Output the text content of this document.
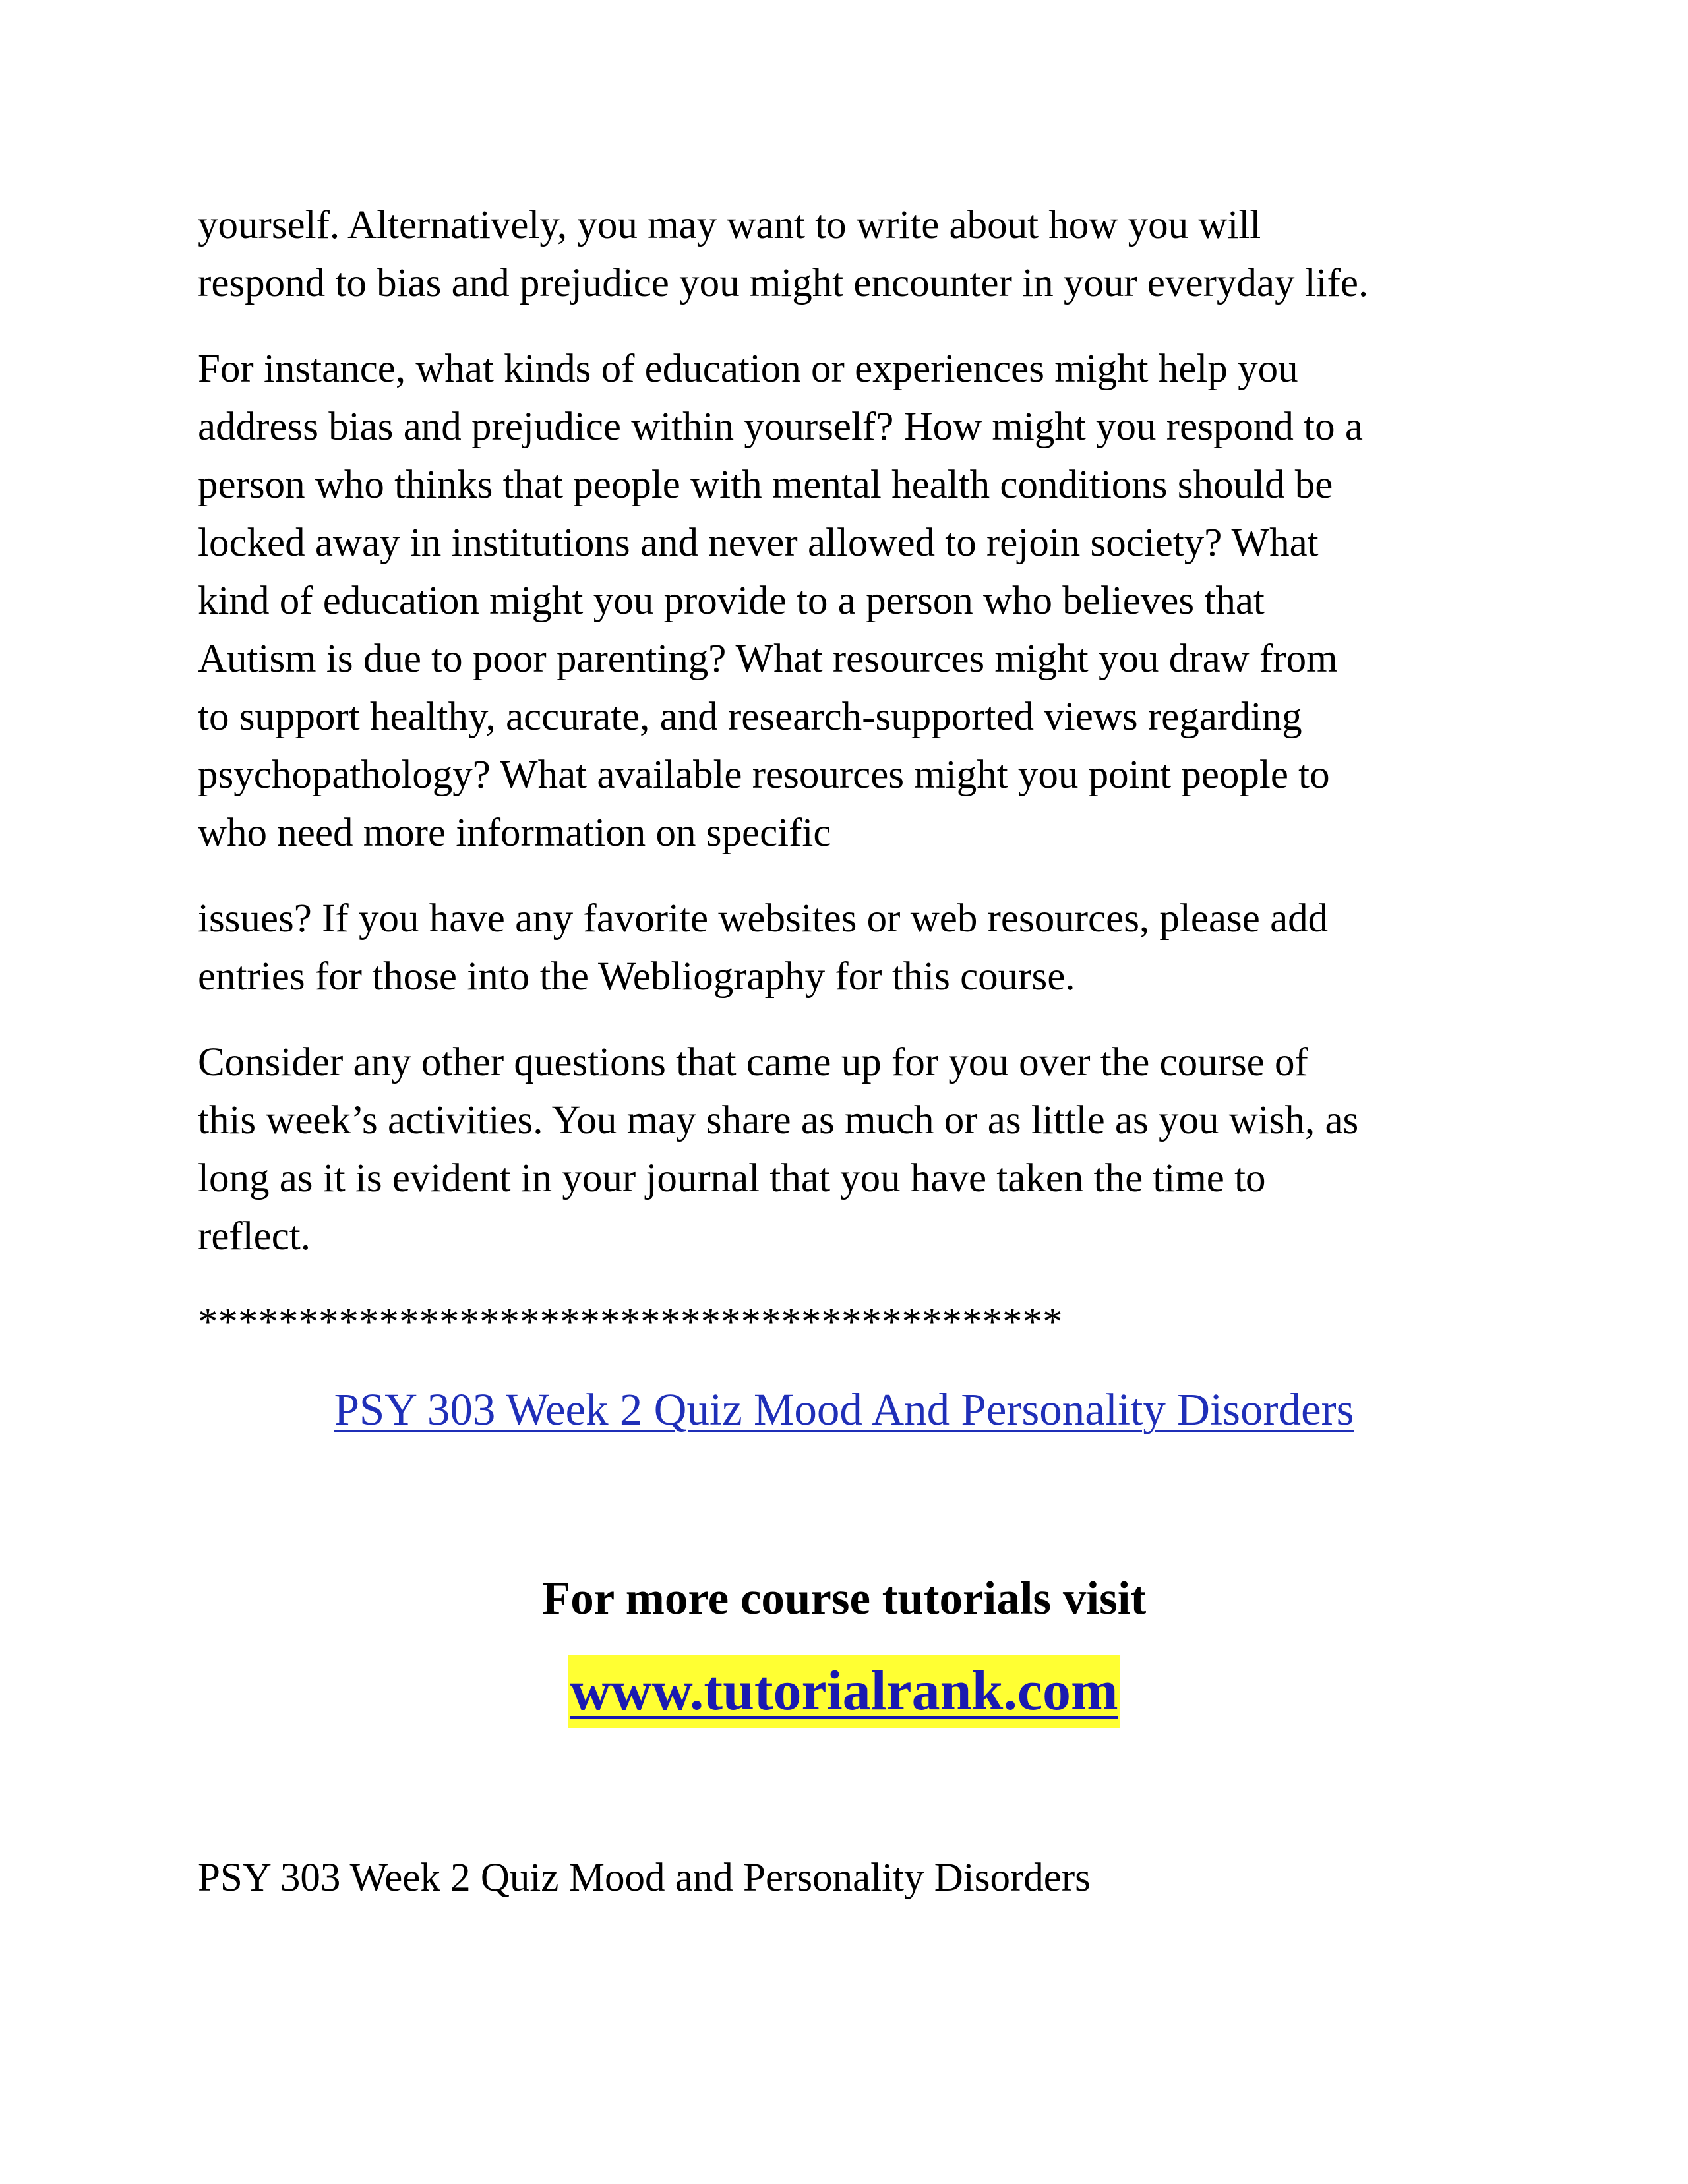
yourself. Alternatively, you may want to write about how you will
respond to bias and prejudice you might encounter in your everyday life.

For instance, what kinds of education or experiences might help you
address bias and prejudice within yourself? How might you respond to a
person who thinks that people with mental health conditions should be
locked away in institutions and never allowed to rejoin society? What
kind of education might you provide to a person who believes that
Autism is due to poor parenting? What resources might you draw from
to support healthy, accurate, and research-supported views regarding
psychopathology? What available resources might you point people to
who need more information on specific

issues? If you have any favorite websites or web resources, please add
entries for those into the Webliography for this course.

Consider any other questions that came up for you over the course of
this week’s activities. You may share as much or as little as you wish, as
long as it is evident in your journal that you have taken the time to
reflect.

*******************************************

PSY 303 Week 2 Quiz Mood And Personality Disorders
For more course tutorials visit
www.tutorialrank.com
PSY 303 Week 2 Quiz Mood and Personality Disorders
